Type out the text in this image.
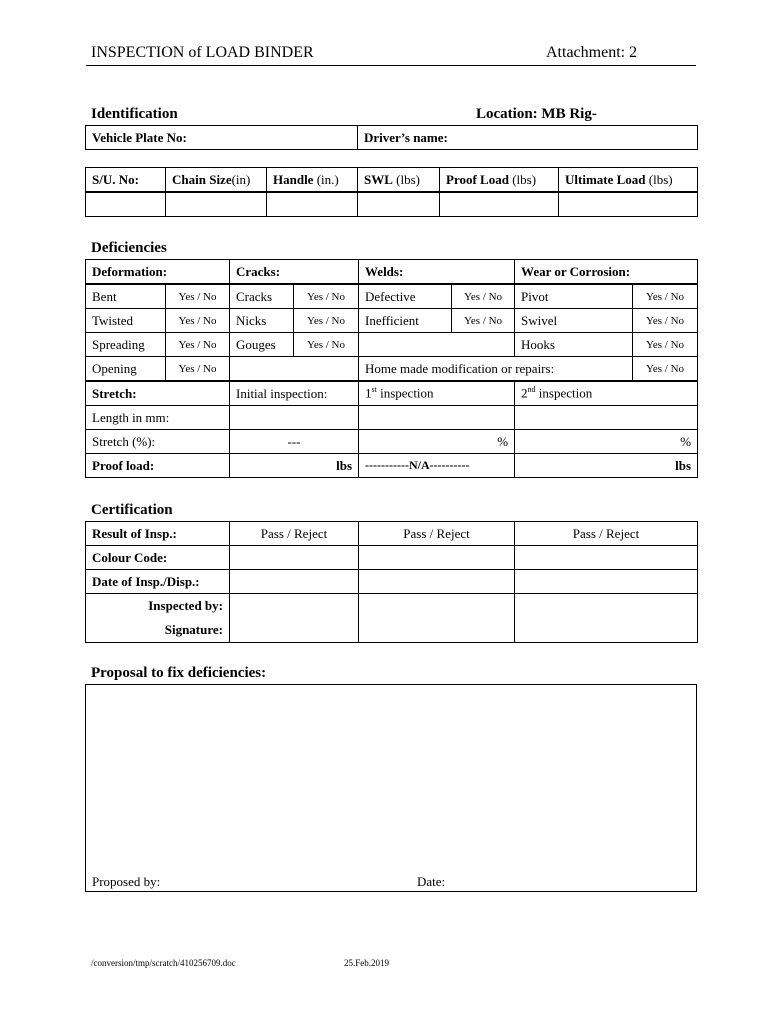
INSPECTION of LOAD BINDER	Attachment: 2
Identification	Location: MB Rig-
Vehicle Plate No:	Driver’s name:
S/U. No:	Chain Size(in)	Handle (in.)	SWL (lbs)	Proof Load (lbs)	Ultimate Load (lbs)

Deficiencies
Deformation:		Cracks:		Welds:		Wear or Corrosion:	
Bent	Yes / No	Cracks	Yes / No	Defective	Yes / No	Pivot	Yes / No
Twisted	Yes / No	Nicks	Yes / No	Inefficient	Yes / No	Swivel	Yes / No
Spreading	Yes / No	Gouges	Yes / No			Hooks	Yes / No
Opening	Yes / No			Home made modification or repairs:			Yes / No
Stretch:		Initial inspection:		1st inspection		2nd inspection	
Length in mm:							
Stretch (%):		---		%		%	
Proof load:		lbs		-----------N/A----------		lbs	
Certification
Result of Insp.:	Pass / Reject	Pass / Reject	Pass / Reject
Colour Code:			
Date of Insp./Disp.:			

Inspected by:
Signature:			

Proposal to fix deficiencies:
Proposed by:	Date:
/conversion/tmp/scratch/410256709.doc	25.Feb.2019
